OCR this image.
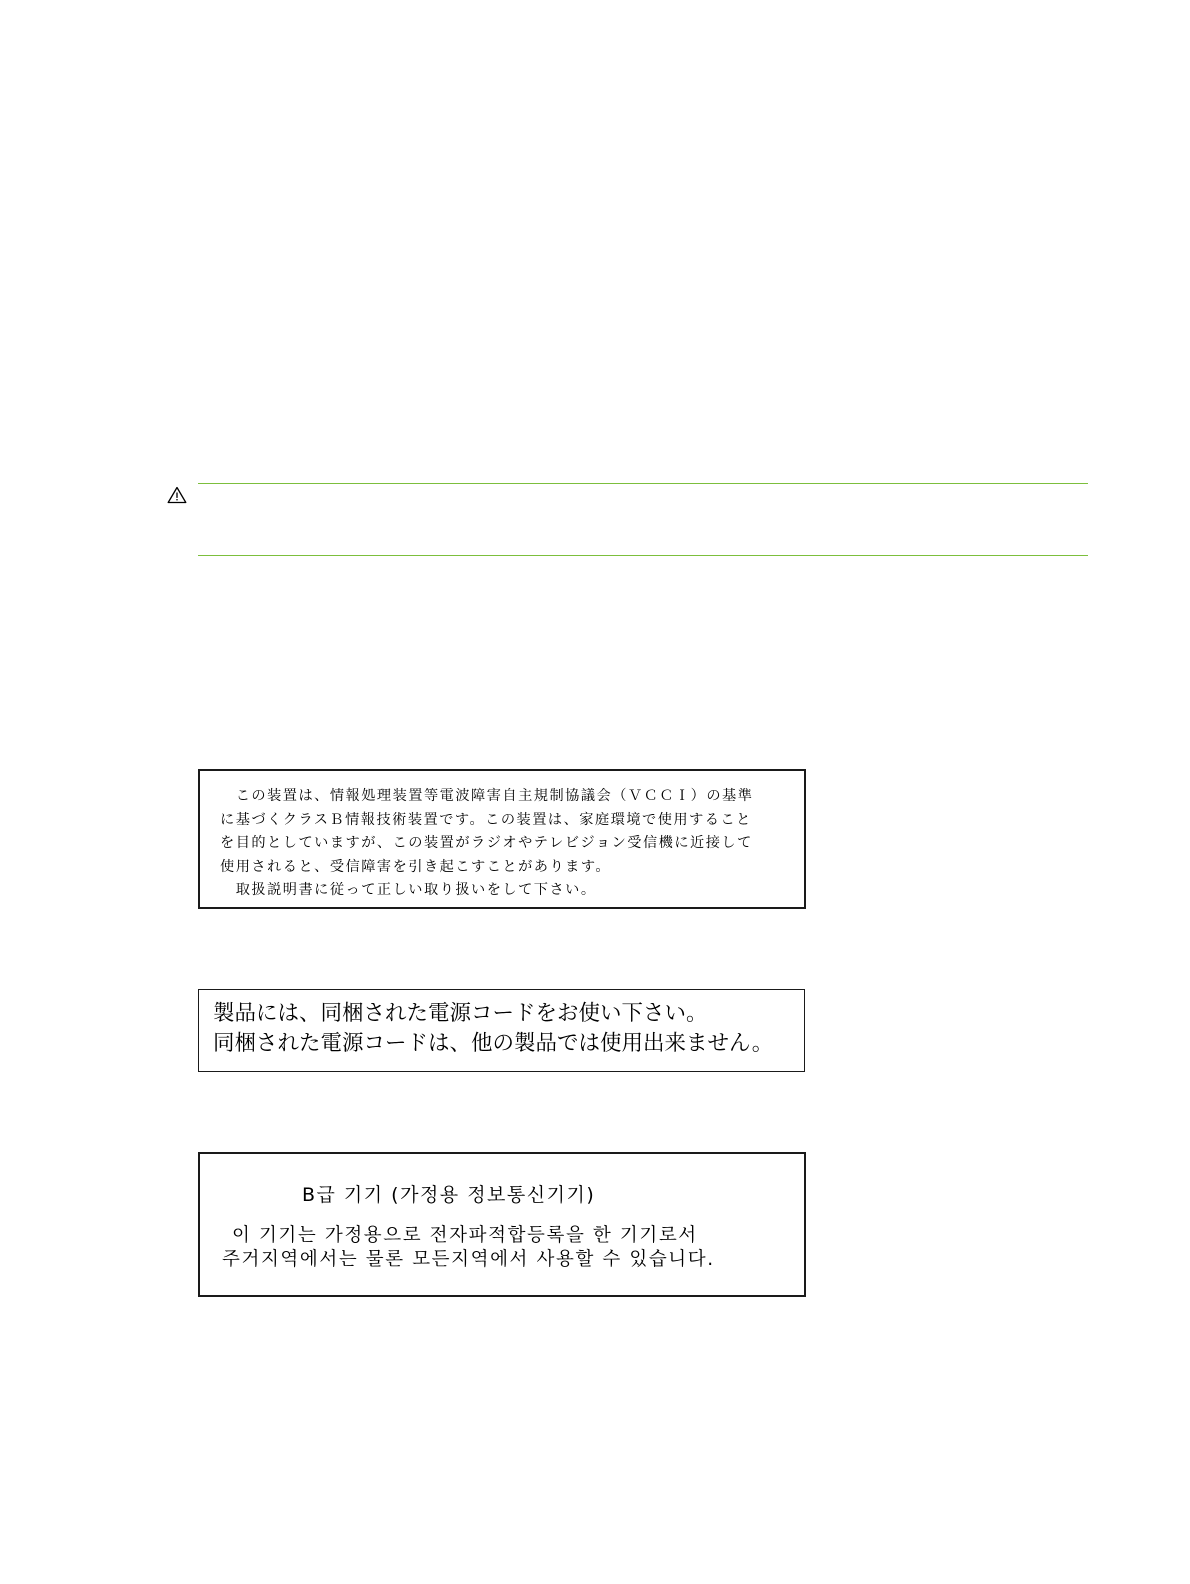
　この装置は、情報処理装置等電波障害自主規制協議会（ＶＣＣＩ）の基準
に基づくクラスＢ情報技術装置です。この装置は、家庭環境で使用すること
を目的としていますが、この装置がラジオやテレビジョン受信機に近接して
使用されると、受信障害を引き起こすことがあります。
　取扱説明書に従って正しい取り扱いをして下さい。
製品には、同梱された電源コードをお使い下さい。
同梱された電源コードは、他の製品では使用出来ません。
B급 기기 (가정용 정보통신기기)
이 기기는 가정용으로 전자파적합등록을 한 기기로서
주거지역에서는 물론 모든지역에서 사용할 수 있습니다.
